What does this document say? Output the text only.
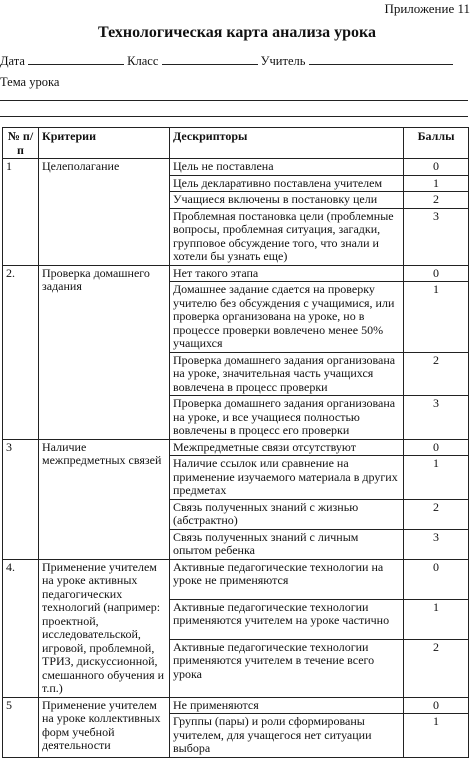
Приложение 11
Технологическая карта анализа урока
Дата	Класс	Учитель
Тема урока
№ п/п	Критерии	Дескрипторы	Баллы
1	Целеполагание	Цель не поставлена	0
		Цель декларативно поставлена учителем	1
		Учащиеся включены в постановку цели	2
		Проблемная постановка цели (проблемные вопросы, проблемная ситуация, загадки, групповое обсуждение того, что знали и хотели бы узнать еще)	3
2.	Проверка домашнего задания	Нет такого этапа	0
		Домашнее задание сдается на проверку учителю без обсуждения с учащимися, или проверка организована на уроке, но в процессе проверки вовлечено менее 50% учащихся	1
		Проверка домашнего задания организована на уроке, значительная часть учащихся вовлечена в процесс проверки	2
		Проверка домашнего задания организована на уроке, и все учащиеся полностью вовлечены в процесс его проверки	3
3	Наличие межпредметных связей	Межпредметные связи отсутствуют	0
		Наличие ссылок или сравнение на применение изучаемого материала в других предметах	1
		Связь полученных знаний с жизнью (абстрактно)	2
		Связь полученных знаний с личным опытом ребенка	3
4.	Применение учителем на уроке активных педагогических технологий (например: проектной, исследовательской, игровой, проблемной, ТРИЗ, дискуссионной, смешанного обучения и т.п.)	Активные педагогические технологии на уроке не применяются	0
		Активные педагогические технологии применяются учителем на уроке частично	1
		Активные педагогические технологии применяются учителем в течение всего урока	2
5	Применение учителем на уроке коллективных форм учебной деятельности	Не применяются	0
		Группы (пары) и роли сформированы учителем, для учащегося нет ситуации выбора	1
